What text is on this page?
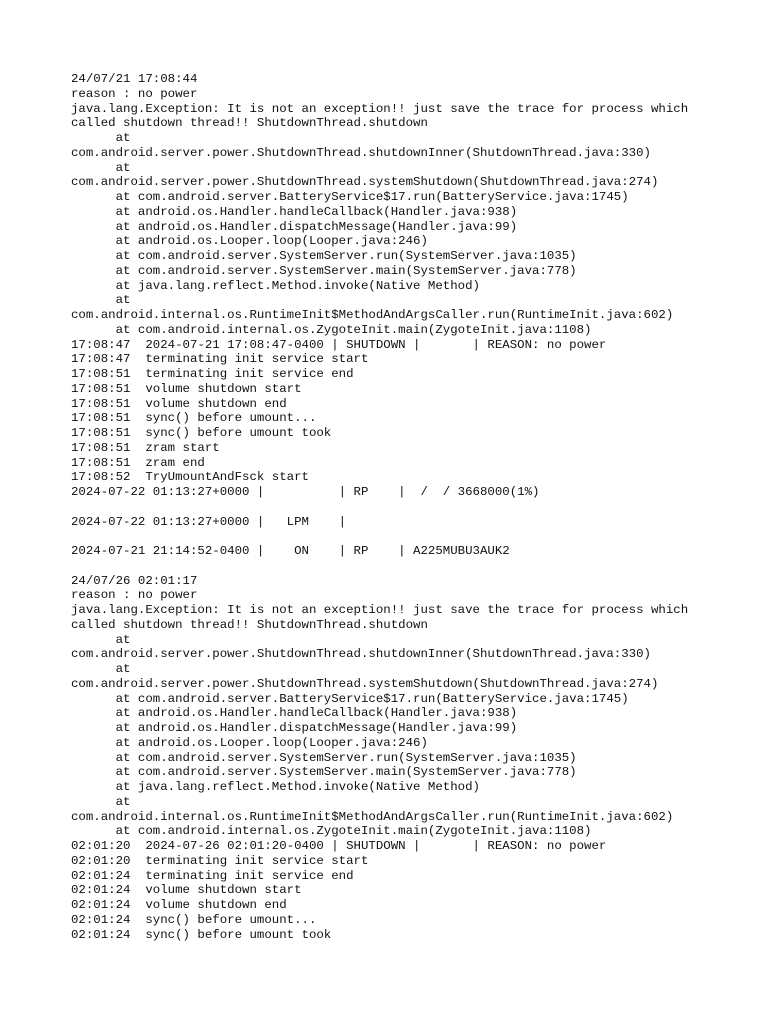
24/07/21 17:08:44
reason : no power
java.lang.Exception: It is not an exception!! just save the trace for process which
called shutdown thread!! ShutdownThread.shutdown
at
com.android.server.power.ShutdownThread.shutdownInner(ShutdownThread.java:330)
at
com.android.server.power.ShutdownThread.systemShutdown(ShutdownThread.java:274)
at com.android.server.BatteryService$17.run(BatteryService.java:1745)
at android.os.Handler.handleCallback(Handler.java:938)
at android.os.Handler.dispatchMessage(Handler.java:99)
at android.os.Looper.loop(Looper.java:246)
at com.android.server.SystemServer.run(SystemServer.java:1035)
at com.android.server.SystemServer.main(SystemServer.java:778)
at java.lang.reflect.Method.invoke(Native Method)
at
com.android.internal.os.RuntimeInit$MethodAndArgsCaller.run(RuntimeInit.java:602)
at com.android.internal.os.ZygoteInit.main(ZygoteInit.java:1108)
17:08:47  2024-07-21 17:08:47-0400 | SHUTDOWN |       | REASON: no power
17:08:47  terminating init service start
17:08:51  terminating init service end
17:08:51  volume shutdown start
17:08:51  volume shutdown end
17:08:51  sync() before umount...
17:08:51  sync() before umount took
17:08:51  zram start
17:08:51  zram end
17:08:52  TryUmountAndFsck start
2024-07-22 01:13:27+0000 |          | RP    |  /  / 3668000(1%)
2024-07-22 01:13:27+0000 |   LPM    |
2024-07-21 21:14:52-0400 |    ON    | RP    | A225MUBU3AUK2
24/07/26 02:01:17
reason : no power
java.lang.Exception: It is not an exception!! just save the trace for process which
called shutdown thread!! ShutdownThread.shutdown
at
com.android.server.power.ShutdownThread.shutdownInner(ShutdownThread.java:330)
at
com.android.server.power.ShutdownThread.systemShutdown(ShutdownThread.java:274)
at com.android.server.BatteryService$17.run(BatteryService.java:1745)
at android.os.Handler.handleCallback(Handler.java:938)
at android.os.Handler.dispatchMessage(Handler.java:99)
at android.os.Looper.loop(Looper.java:246)
at com.android.server.SystemServer.run(SystemServer.java:1035)
at com.android.server.SystemServer.main(SystemServer.java:778)
at java.lang.reflect.Method.invoke(Native Method)
at
com.android.internal.os.RuntimeInit$MethodAndArgsCaller.run(RuntimeInit.java:602)
at com.android.internal.os.ZygoteInit.main(ZygoteInit.java:1108)
02:01:20  2024-07-26 02:01:20-0400 | SHUTDOWN |       | REASON: no power
02:01:20  terminating init service start
02:01:24  terminating init service end
02:01:24  volume shutdown start
02:01:24  volume shutdown end
02:01:24  sync() before umount...
02:01:24  sync() before umount took
